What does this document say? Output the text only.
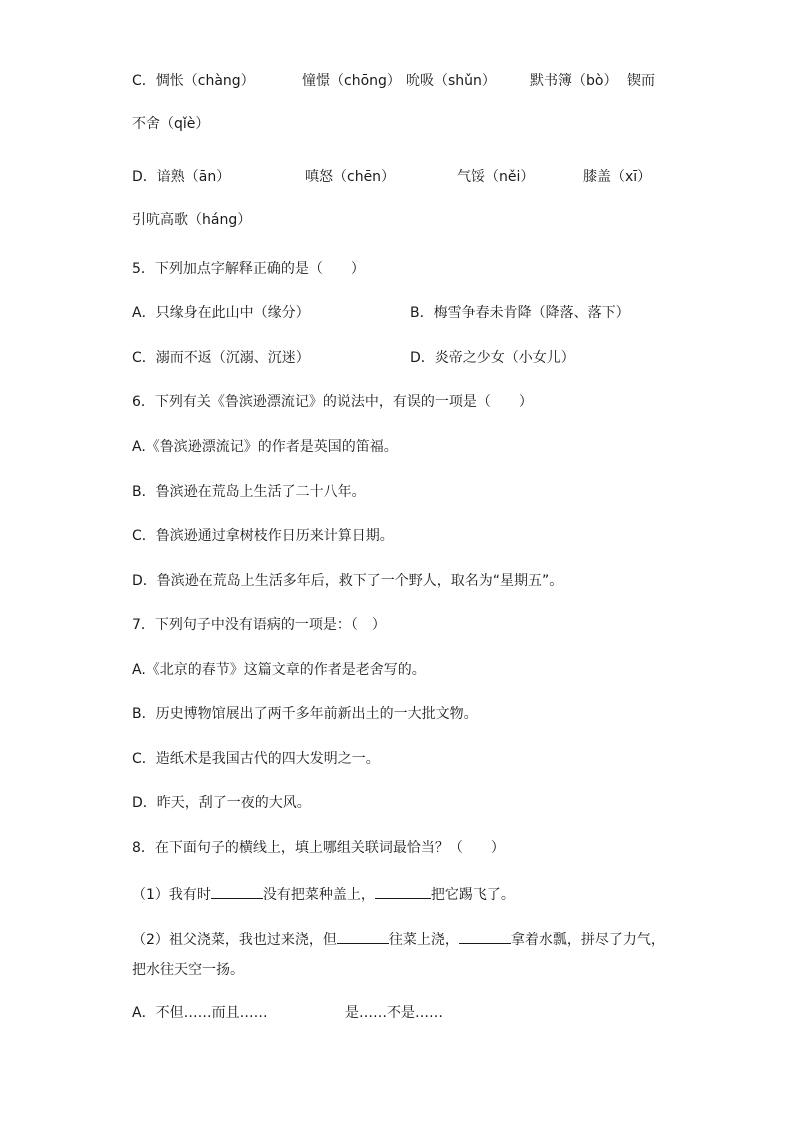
C．惆怅（chàng）	憧憬（chōng） 吮吸（shǔn） 默书簿（bò） 锲而
不舍（qǐè）
D．谙熟（ān）	嗔怒（chēn）	气馁（něi）	膝盖（xī）
引吭高歌（háng）
5．下列加点字解释正确的是（　　）
A．只缘身在此山中（缘分）	B．梅雪争春未肯降（降落、落下）
C．溺而不返（沉溺、沉迷）	D．炎帝之少女（小女儿）
6．下列有关《鲁滨逊漂流记》的说法中，有误的一项是（　　）
A.《鲁滨逊漂流记》的作者是英国的笛福。
B．鲁滨逊在荒岛上生活了二十八年。
C．鲁滨逊通过拿树枝作日历来计算日期。
D．鲁滨逊在荒岛上生活多年后，救下了一个野人，取名为“星期五”。
7．下列句子中没有语病的一项是：（　）
A.《北京的春节》这篇文章的作者是老舍写的。
B．历史博物馆展出了两千多年前新出土的一大批文物。
C．造纸术是我国古代的四大发明之一。
D．昨天，刮了一夜的大风。
8．在下面句子的横线上，填上哪组关联词最恰当？（　　）
（1）我有时	没有把菜种盖上，	把它踢飞了。
（2）祖父浇菜，我也过来浇，但	往菜上浇，	拿着水瓢，拼尽了力气，
把水往天空一扬。
A．不但……而且……	是……不是……
